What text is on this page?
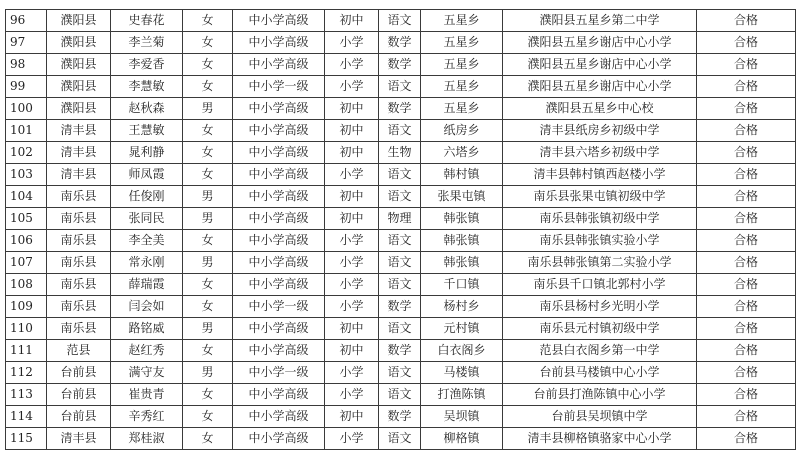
96	濮阳县	史春花	女	中小学高级	初中	语文	五星乡	濮阳县五星乡第二中学	合格
97	濮阳县	李兰菊	女	中小学高级	小学	数学	五星乡	濮阳县五星乡谢店中心小学	合格
98	濮阳县	李爱香	女	中小学高级	小学	数学	五星乡	濮阳县五星乡谢店中心小学	合格
99	濮阳县	李慧敏	女	中小学一级	小学	语文	五星乡	濮阳县五星乡谢店中心小学	合格
100	濮阳县	赵秋森	男	中小学高级	初中	数学	五星乡	濮阳县五星乡中心校	合格
101	清丰县	王慧敏	女	中小学高级	初中	语文	纸房乡	清丰县纸房乡初级中学	合格
102	清丰县	晁利静	女	中小学高级	初中	生物	六塔乡	清丰县六塔乡初级中学	合格
103	清丰县	师凤霞	女	中小学高级	小学	语文	韩村镇	清丰县韩村镇西赵楼小学	合格
104	南乐县	任俊刚	男	中小学高级	初中	语文	张果屯镇	南乐县张果屯镇初级中学	合格
105	南乐县	张同民	男	中小学高级	初中	物理	韩张镇	南乐县韩张镇初级中学	合格
106	南乐县	李全美	女	中小学高级	小学	语文	韩张镇	南乐县韩张镇实验小学	合格
107	南乐县	常永刚	男	中小学高级	小学	语文	韩张镇	南乐县韩张镇第二实验小学	合格
108	南乐县	薛瑞霞	女	中小学高级	小学	语文	千口镇	南乐县千口镇北郭村小学	合格
109	南乐县	闫会如	女	中小学一级	小学	数学	杨村乡	南乐县杨村乡光明小学	合格
110	南乐县	路铭威	男	中小学高级	初中	语文	元村镇	南乐县元村镇初级中学	合格
111	范县	赵红秀	女	中小学高级	初中	数学	白衣阁乡	范县白衣阁乡第一中学	合格
112	台前县	满守友	男	中小学一级	小学	语文	马楼镇	台前县马楼镇中心小学	合格
113	台前县	崔贵青	女	中小学高级	小学	语文	打渔陈镇	台前县打渔陈镇中心小学	合格
114	台前县	辛秀红	女	中小学高级	初中	数学	吴坝镇	台前县吴坝镇中学	合格
115	清丰县	郑桂淑	女	中小学高级	小学	语文	柳格镇	清丰县柳格镇骆家中心小学	合格
